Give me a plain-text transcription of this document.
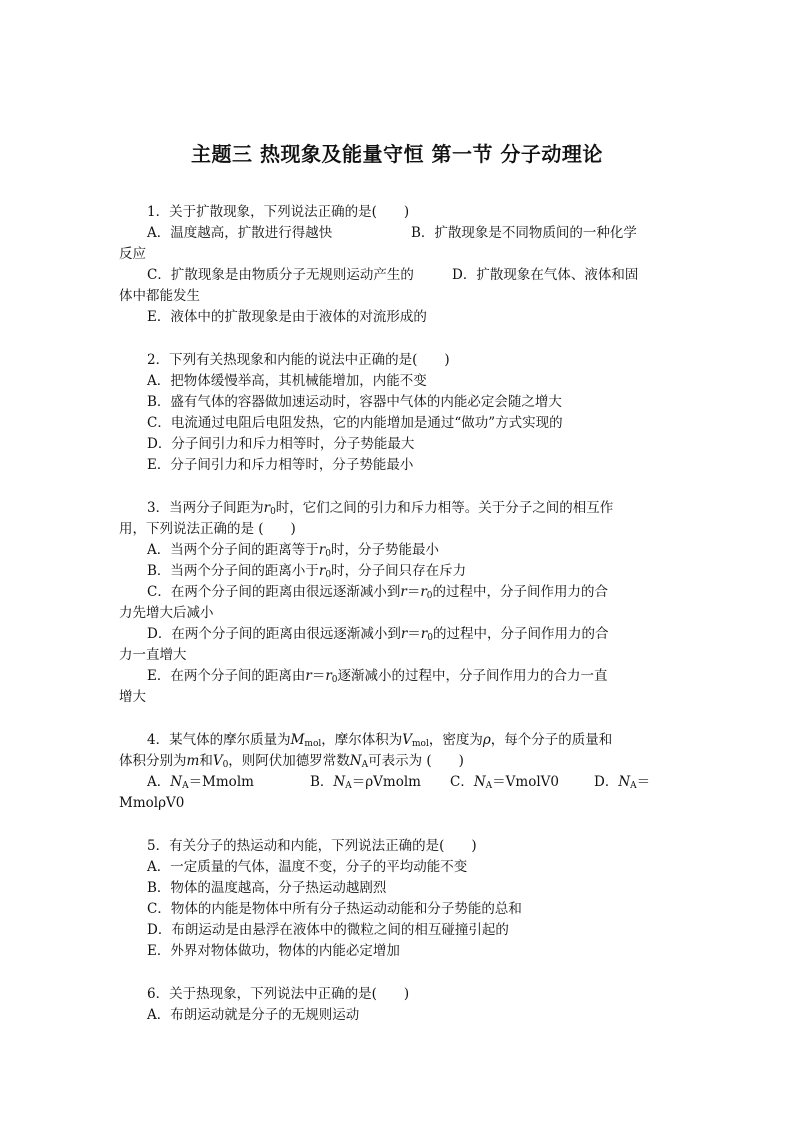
主题三 热现象及能量守恒 第一节 分子动理论
1．关于扩散现象，下列说法正确的是(　　)
A．温度越高，扩散进行得越快	B．扩散现象是不同物质间的一种化学
反应
C．扩散现象是由物质分子无规则运动产生的	D．扩散现象在气体、液体和固
体中都能发生
E．液体中的扩散现象是由于液体的对流形成的
2．下列有关热现象和内能的说法中正确的是(　　)
A．把物体缓慢举高，其机械能增加，内能不变
B．盛有气体的容器做加速运动时，容器中气体的内能必定会随之增大
C．电流通过电阻后电阻发热，它的内能增加是通过“做功”方式实现的
D．分子间引力和斥力相等时，分子势能最大
E．分子间引力和斥力相等时，分子势能最小
3．当两分子间距为$r_0$时，它们之间的引力和斥力相等。关于分子之间的相互作
用，下列说法正确的是 (　　)
A．当两个分子间的距离等于$r_0$时，分子势能最小
B．当两个分子间的距离小于$r_0$时，分子间只存在斥力
C．在两个分子间的距离由很远逐渐减小到$r=r_0$的过程中，分子间作用力的合
力先增大后减小
D．在两个分子间的距离由很远逐渐减小到$r=r_0$的过程中，分子间作用力的合
力一直增大
E．在两个分子间的距离由$r=r_0$逐渐减小的过程中，分子间作用力的合力一直
增大
4．某气体的摩尔质量为$M_{mol}$，摩尔体积为$V_{mol}$，密度为ρ，每个分子的质量和
体积分别为m和$V_0$，则阿伏加德罗常数$N_A$可表示为 (　　)
A．$N_A=Mmolm$	B．$N_A=\rho Vmolm$	C．$N_A=VmolV0$	D．$N_A=$
MmolρV0
5．有关分子的热运动和内能，下列说法正确的是(　　)
A．一定质量的气体，温度不变，分子的平均动能不变
B．物体的温度越高，分子热运动越剧烈
C．物体的内能是物体中所有分子热运动动能和分子势能的总和
D．布朗运动是由悬浮在液体中的微粒之间的相互碰撞引起的
E．外界对物体做功，物体的内能必定增加
6．关于热现象，下列说法中正确的是(　　)
A．布朗运动就是分子的无规则运动
